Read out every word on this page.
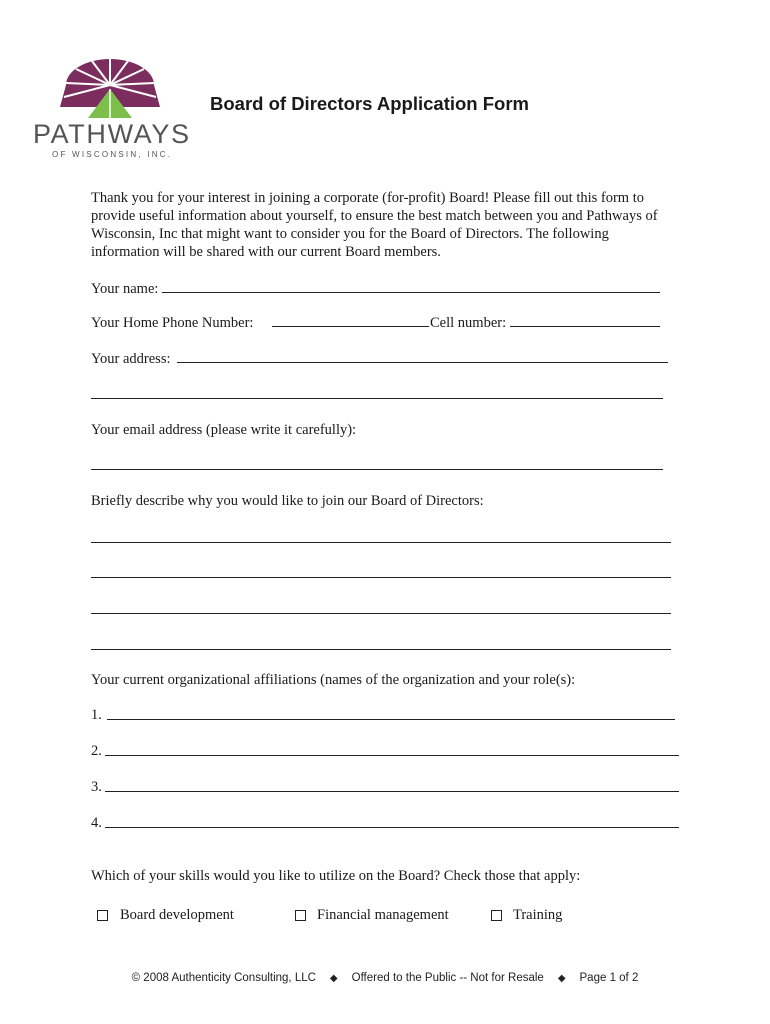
PATHWAYS
OF WISCONSIN, INC.
Board of Directors Application Form
Thank you for your interest in joining a corporate (for-profit) Board! Please fill out this form to provide useful information about yourself, to ensure the best match between you and Pathways of Wisconsin, Inc that might want to consider you for the Board of Directors. The following information will be shared with our current Board members.
Your name:
Your Home Phone Number:	Cell number:
Your address:
Your email address (please write it carefully):
Briefly describe why you would like to join our Board of Directors:
Your current organizational affiliations (names of the organization and your role(s):
1.
2.
3.
4.
Which of your skills would you like to utilize on the Board? Check those that apply:
Board development	Financial management	Training
© 2008 Authenticity Consulting, LLC ◆ Offered to the Public -- Not for Resale ◆ Page 1 of 2
